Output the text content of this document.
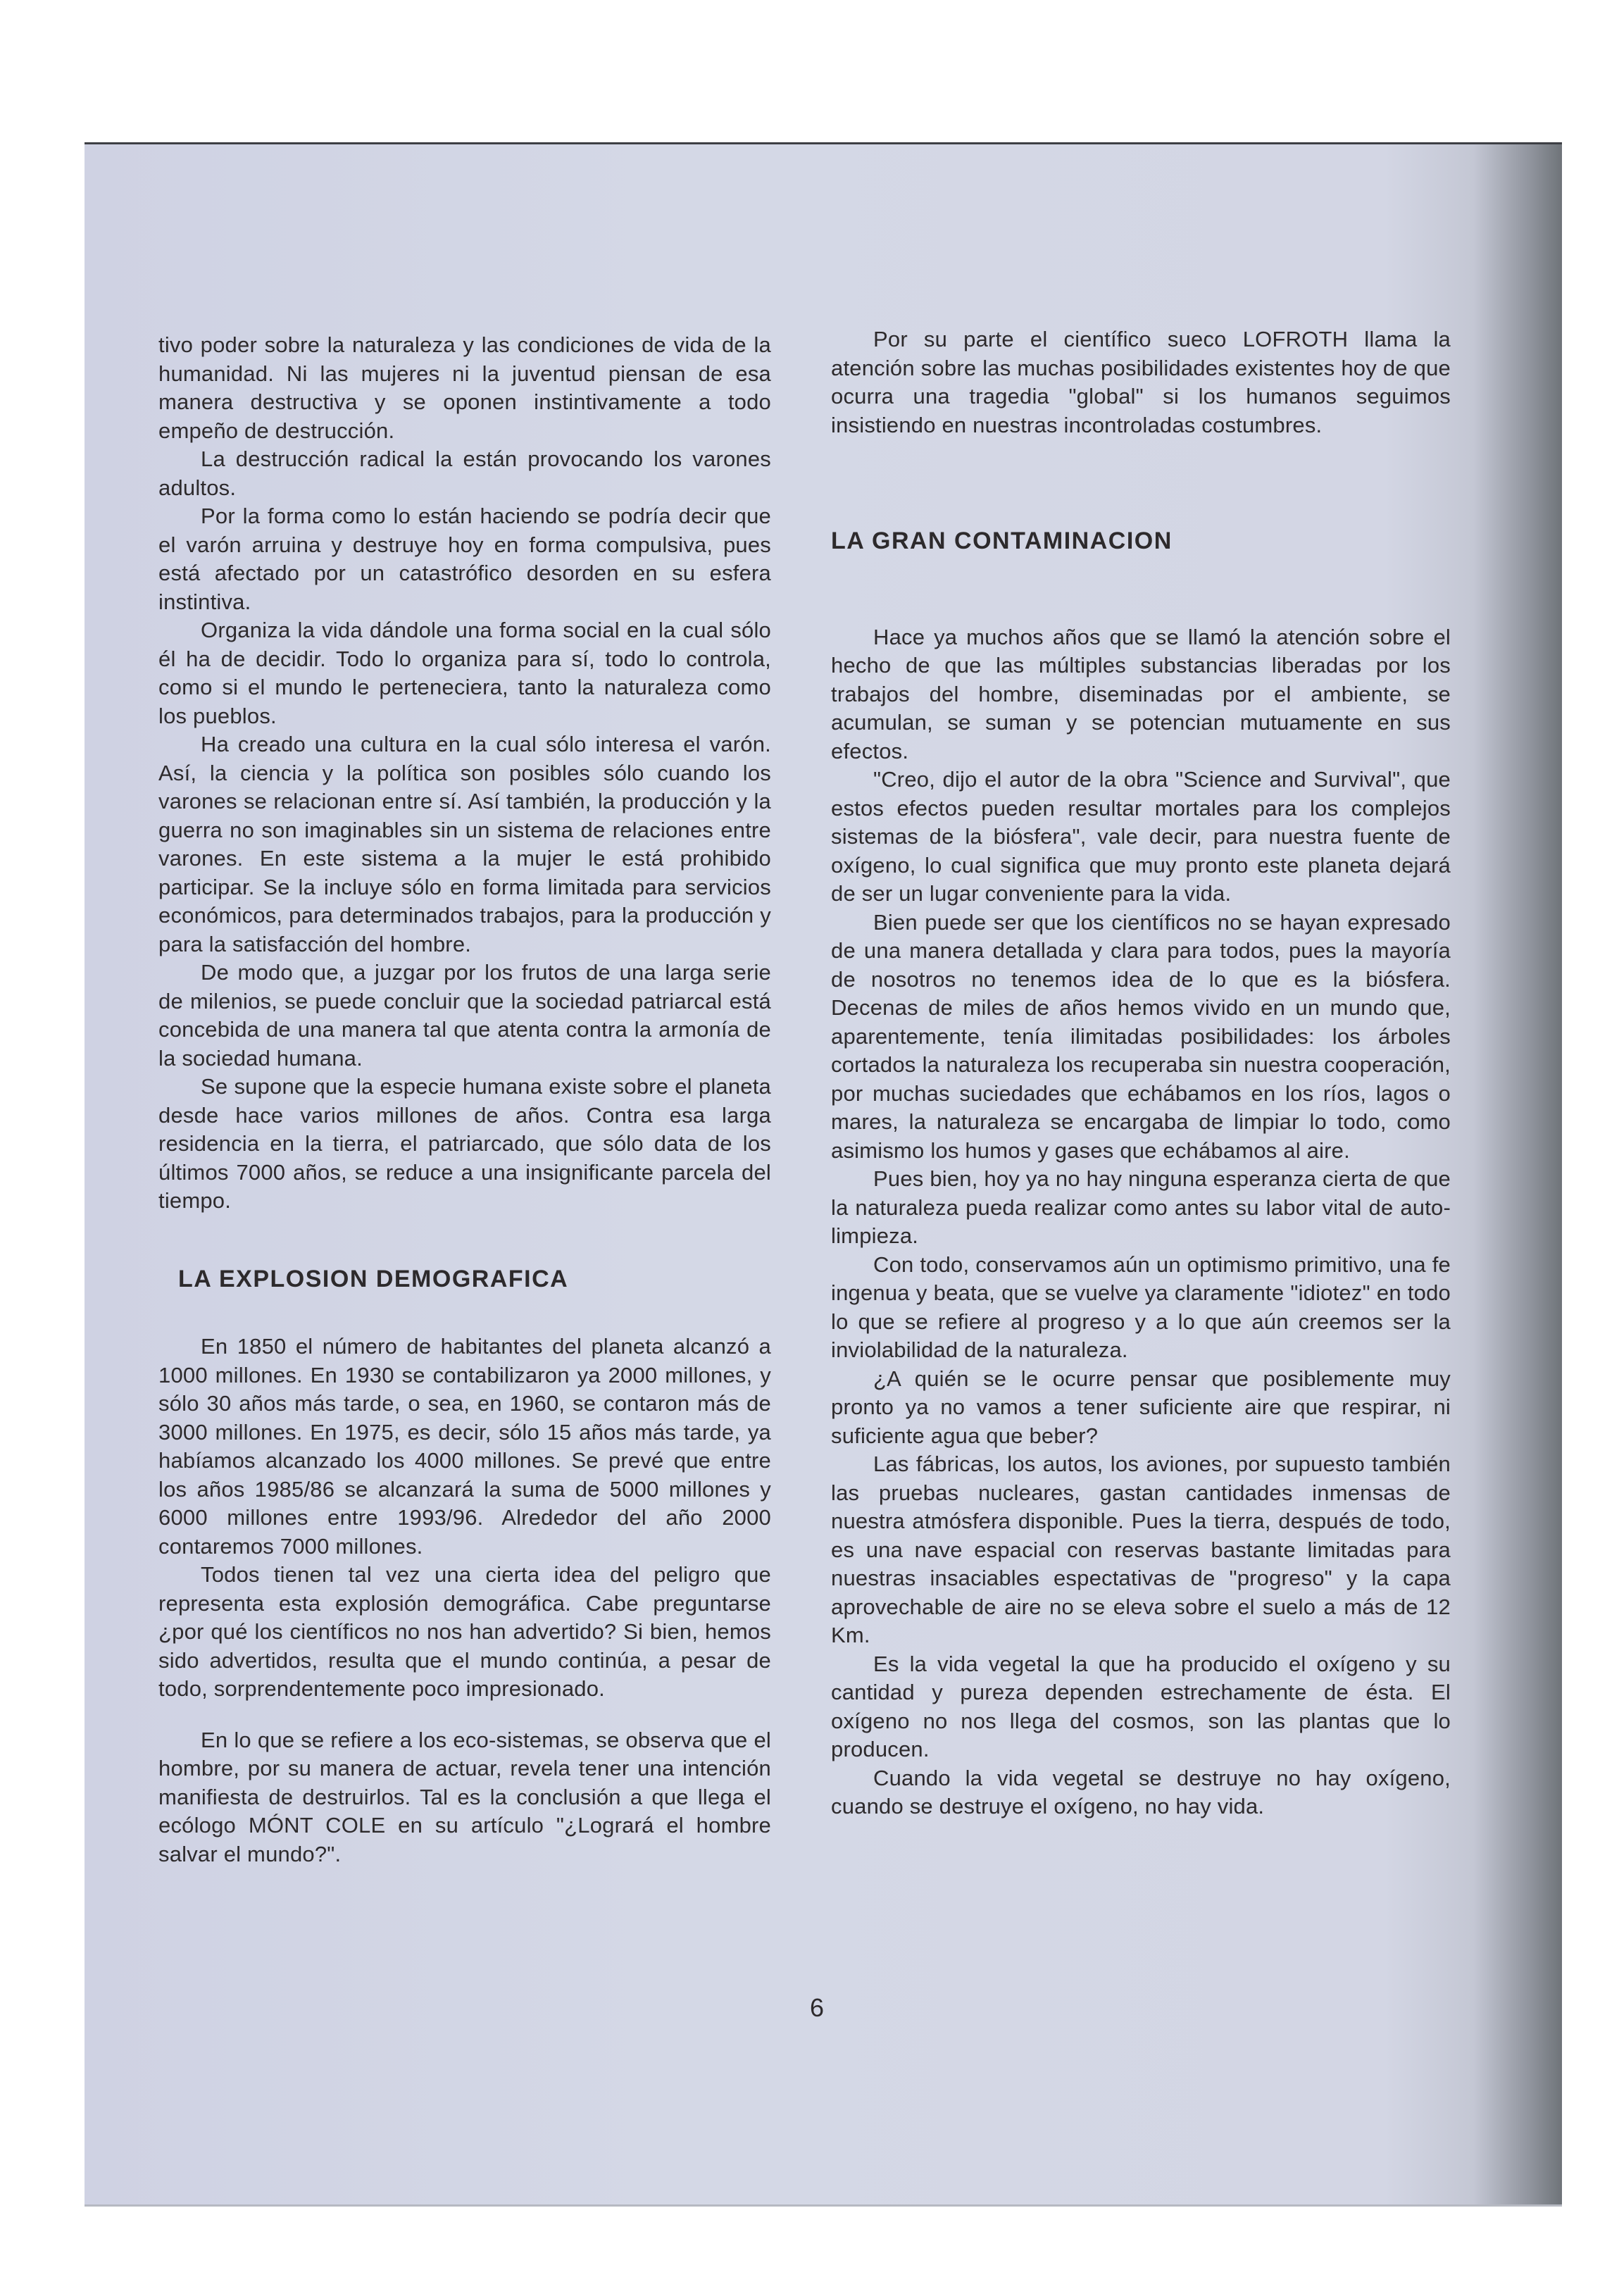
tivo poder sobre la naturaleza y las condiciones de vida de la humanidad. Ni las mujeres ni la juventud piensan de esa manera destructiva y se oponen instintivamente a todo empeño de destrucción.

La destrucción radical la están provocando los varones adultos.

Por la forma como lo están haciendo se podría decir que el varón arruina y destruye hoy en forma compulsiva, pues está afectado por un catastrófico desorden en su esfera instintiva.

Organiza la vida dándole una forma social en la cual sólo él ha de decidir. Todo lo organiza para sí, todo lo controla, como si el mundo le perteneciera, tanto la naturaleza como los pueblos.

Ha creado una cultura en la cual sólo interesa el varón. Así, la ciencia y la política son posibles sólo cuando los varones se relacionan entre sí. Así también, la producción y la guerra no son imaginables sin un sistema de relaciones entre varones. En este sistema a la mujer le está prohibido participar. Se la incluye sólo en forma limitada para servicios económicos, para determinados trabajos, para la producción y para la satisfacción del hombre.

De modo que, a juzgar por los frutos de una larga serie de milenios, se puede concluir que la sociedad patriarcal está concebida de una manera tal que atenta contra la armonía de la sociedad humana.

Se supone que la especie humana existe sobre el planeta desde hace varios millones de años. Contra esa larga residencia en la tierra, el patriarcado, que sólo data de los últimos 7000 años, se reduce a una insignificante parcela del tiempo.

LA EXPLOSION DEMOGRAFICA

En 1850 el número de habitantes del planeta alcanzó a 1000 millones. En 1930 se contabilizaron ya 2000 millones, y sólo 30 años más tarde, o sea, en 1960, se contaron más de 3000 millones. En 1975, es decir, sólo 15 años más tarde, ya habíamos alcanzado los 4000 millones. Se prevé que entre los años 1985/86 se alcanzará la suma de 5000 millones y 6000 millones entre 1993/96. Alrededor del año 2000 contaremos 7000 millones.

Todos tienen tal vez una cierta idea del peligro que representa esta explosión demográfica. Cabe preguntarse ¿por qué los científicos no nos han advertido? Si bien, hemos sido advertidos, resulta que el mundo continúa, a pesar de todo, sorprendentemente poco impresionado.

En lo que se refiere a los eco-sistemas, se observa que el hombre, por su manera de actuar, revela tener una intención manifiesta de destruirlos. Tal es la conclusión a que llega el ecólogo MÓNT COLE en su artículo "¿Logrará el hombre salvar el mundo?".

Por su parte el científico sueco LOFROTH llama la atención sobre las muchas posibilidades existentes hoy de que ocurra una tragedia "global" si los humanos seguimos insistiendo en nuestras incontroladas costumbres.

LA GRAN CONTAMINACION

Hace ya muchos años que se llamó la atención sobre el hecho de que las múltiples substancias liberadas por los trabajos del hombre, diseminadas por el ambiente, se acumulan, se suman y se potencian mutuamente en sus efectos.

"Creo, dijo el autor de la obra "Science and Survival", que estos efectos pueden resultar mortales para los complejos sistemas de la biósfera", vale decir, para nuestra fuente de oxígeno, lo cual significa que muy pronto este planeta dejará de ser un lugar conveniente para la vida.

Bien puede ser que los científicos no se hayan expresado de una manera detallada y clara para todos, pues la mayoría de nosotros no tenemos idea de lo que es la biósfera. Decenas de miles de años hemos vivido en un mundo que, aparentemente, tenía ilimitadas posibilidades: los árboles cortados la naturaleza los recuperaba sin nuestra cooperación, por muchas suciedades que echábamos en los ríos, lagos o mares, la naturaleza se encargaba de limpiar lo todo, como asimismo los humos y gases que echábamos al aire.

Pues bien, hoy ya no hay ninguna esperanza cierta de que la naturaleza pueda realizar como antes su labor vital de auto-limpieza.

Con todo, conservamos aún un optimismo primitivo, una fe ingenua y beata, que se vuelve ya claramente "idiotez" en todo lo que se refiere al progreso y a lo que aún creemos ser la inviolabilidad de la naturaleza.

¿A quién se le ocurre pensar que posiblemente muy pronto ya no vamos a tener suficiente aire que respirar, ni suficiente agua que beber?

Las fábricas, los autos, los aviones, por supuesto también las pruebas nucleares, gastan cantidades inmensas de nuestra atmósfera disponible. Pues la tierra, después de todo, es una nave espacial con reservas bastante limitadas para nuestras insaciables espectativas de "progreso" y la capa aprovechable de aire no se eleva sobre el suelo a más de 12 Km.

Es la vida vegetal la que ha producido el oxígeno y su cantidad y pureza dependen estrechamente de ésta. El oxígeno no nos llega del cosmos, son las plantas que lo producen.

Cuando la vida vegetal se destruye no hay oxígeno, cuando se destruye el oxígeno, no hay vida.

6
